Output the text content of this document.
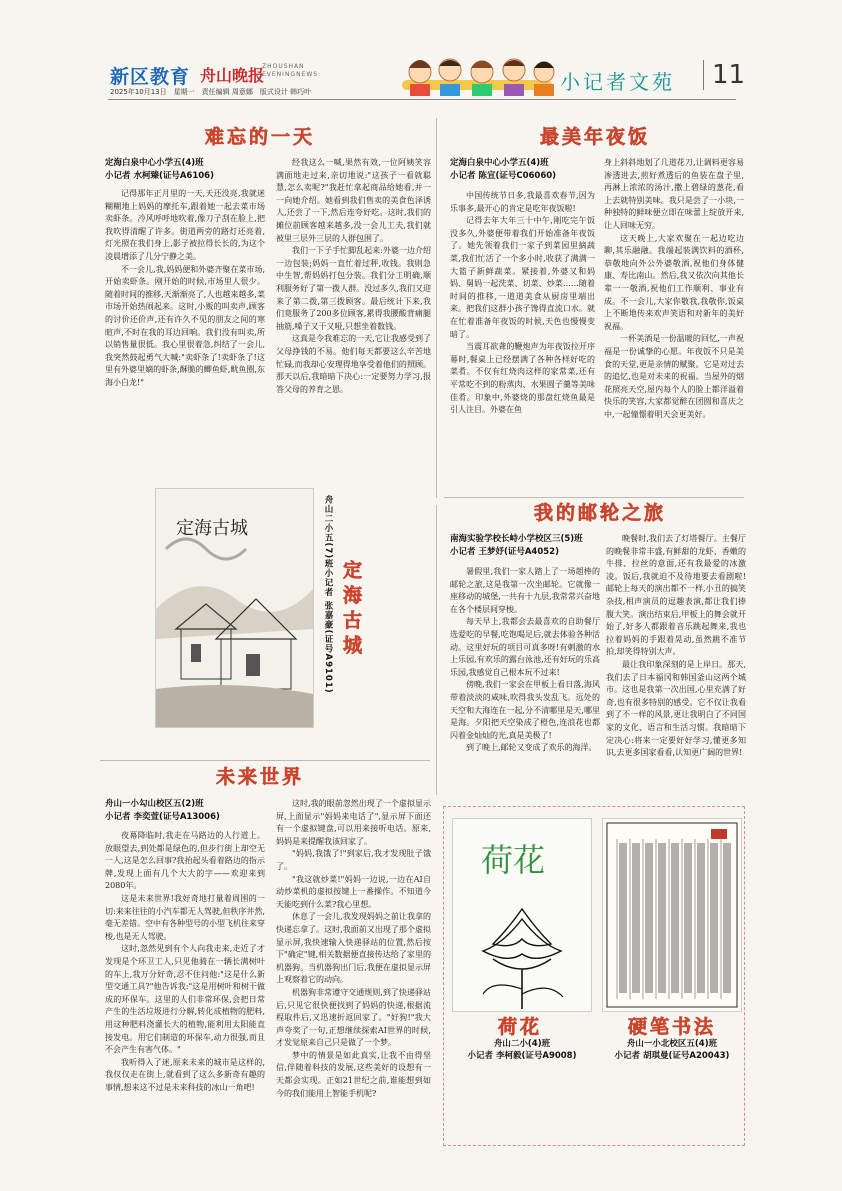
新区教育 舟山晚报
ZHOUSHAN
EVENINGNEWS
2025年10月13日　星期一　责任编辑 周意娜　版式设计 韩巧叶	小记者文苑	11
难忘的一天
定海白泉中心小学五(4)班
小记者 水柯臻(证号A6106)

记得那年正月里的一天,天还没亮,我就迷糊糊地上妈妈的摩托车,跟着她一起去菜市场卖虾条。冷风呼呼地吹着,像刀子刮在脸上,把我吹得清醒了许多。街道两旁的路灯还亮着,灯光照在我们身上,影子被拉得长长的,为这个凌晨增添了几分宁静之美。

不一会儿,我,妈妈便和外婆齐聚在菜市场,开始卖虾条。刚开始的时候,市场里人很少。随着时间的推移,天渐渐亮了,人也越来越多,菜市场开始热闹起来。这时,小贩的叫卖声,顾客的讨价还价声,还有许久不见的朋友之间的寒暄声,不时在我的耳边回响。我们没有叫卖,所以销售量很低。我心里很着急,纠结了一会儿,我突然鼓起勇气大喊:"卖虾条了!卖虾条了!这里有外婆里嫡的虾条,酥脆的鲫鱼虾,鱿鱼圈,东海小白龙!"

经我这么一喊,果然有效,一位阿姨笑容满面地走过来,亲切地说:"这孩子一看就聪慧,怎么卖呢?"我赶忙拿起商品给她看,并一一向她介绍。她看到我们售卖的美食色泽诱人,还尝了一下,然后连夸好吃。这时,我们的摊位前顾客越来越多,没一会儿工夫,我们就被里三层外三层的人群包围了。

我们一下子手忙脚乱起来:外婆一边介绍一边包装;妈妈一直忙着过秤,收钱。我则急中生智,帮妈妈打包分装。我们分工明确,顺利服务好了第一拨人群。没过多久,我们又迎来了第二拨,第三拨顾客。最后统计下来,我们竟服务了200多位顾客,累得我腰酸背痛腿抽筋,嗓子又干又哑,只想坐着数钱。

这真是令我难忘的一天,它让我感受到了父母挣钱的不易。他们每天都要这么辛苦地忙碌,而我却心安理得地享受着他们的照顾。那天以后,我暗暗下决心:一定要努力学习,报答父母的养育之恩。

定海古城	舟山二小五(7)班小记者 张嘉豪(证号A9101) 定海古城
最美年夜饭
定海白泉中心小学五(4)班
小记者 陈宣(证号C06060)

中国传统节日多,我最喜欢春节,因为乐事多,最开心的肯定是吃年夜饭啦!

记得去年大年三十中午,刚吃完午饭没多久,外婆便带着我们开始准备年夜饭了。她先领着我们一家子到菜园里摘蔬菜,我们忙活了一个多小时,收获了满满一大篮子新鲜蔬菜。紧接着,外婆又和妈妈、舅妈一起洗菜、切菜、炒菜……随着时间的推移,一道道美食从厨房里端出来。把我们这群小孩子馋得直流口水。就在忙着准备年夜饭的时候,天色也慢慢变暗了。

当震耳欲聋的鞭炮声为年夜饭拉开序幕时,餐桌上已经摆满了各种各样好吃的菜肴。不仅有红烧肉这样的家常菜,还有平常吃不到的粉蒸肉、水果圆子羹等美味佳肴。印象中,外婆烧的那盘红烧鱼最是引人注目。外婆在鱼

身上斜斜地划了几道花刀,让调料更容易渗透进去,煎好煮透后的鱼装在盘子里,再淋上浓浓的汤汁,撒上碧绿的葱花,看上去就特别美味。我只是尝了一小块,一种独特的鲜味便立即在味蕾上绽放开来,让人回味无穷。

这天晚上,大家欢聚在一起边吃边聊,其乐融融。我端起装满饮料的酒杯,恭敬地向外公外婆敬酒,祝他们身体健康、寿比南山。然后,我又依次向其他长辈一一敬酒,祝他们工作顺利、事业有成。不一会儿,大家你敬我,我敬你,饭桌上不断地传来欢声笑语和对新年的美好祝福。

一杯美酒是一份温暖的回忆,一声祝福是一份诚挚的心愿。年夜饭不只是美食的天堂,更是亲情的赋聚。它是对过去的追忆,也是对未来的祝福。当屋外的烟花照亮天空,屋内每个人的脸上都洋溢着快乐的笑容,大家都觉醉在团圆和喜庆之中,一起憧憬着明天会更美好。

我的邮轮之旅
南海实验学校长峙小学校区三(5)班
小记者 王梦妤(证号A4052)

暑假里,我们一家人踏上了一场超棒的邮轮之旅,这是我第一次坐邮轮。它就像一座移动的城堡,一共有十九层,我常常兴奋地在各个楼层间穿梭。

每天早上,我都会去最喜欢的自助餐厅选爱吃的早餐,吃饱喝足后,就去体验各种活动。这里好玩的项目可真多呀!有刺激的水上乐园,有欢乐的露台泳池,还有好玩的乐高乐园,我感觉自己根本玩不过来!

傍晚,我们一家会在甲板上看日落,海风带着淡淡的咸味,吹得我头发乱飞。远处的天空和大海连在一起,分不清哪里是天,哪里是海。夕阳把天空染成了橙色,连浪花也都闪着金灿灿的光,真是美极了!

到了晚上,邮轮又变成了欢乐的海洋。

晚餐时,我们去了灯塔餐厅。主餐厅的晚餐非常丰盛,有鲜甜的龙虾、香嫩的牛排、拉丝的意面,还有我最爱的冰激凌。饭后,我就迫不及待地要去看剧啦!邮轮上每天的演出都不一样,小丑的搞笑杂技,相声演员的逗趣表演,都让我们捧腹大笑。演出结束后,甲板上的舞会就开始了,好多人都跟着音乐跳起舞来,我也拉着妈妈的手跟着晃动,虽然跳不准节拍,却笑得特别大声。

最让我印象深刻的是上岸日。那天,我们去了日本福冈和韩国釜山这两个城市。这也是我第一次出国,心里充满了好奇,也有很多特别的感受。它不仅让我看到了不一样的风景,更让我明白了不同国家的文化、语言和生活习惯。我暗暗下定决心:将来一定要好好学习,懂更多知识,去更多国家看看,认知更广阔的世界!

未来世界
舟山一小勾山校区五(2)班
小记者 李奕萱(证号A13006)

夜幕降临时,我走在马路边的人行道上。放眼望去,到处都是绿色的,但步行街上却空无一人,这是怎么回事?我抬起头看着路边的指示牌,发现上面有几个大大的字——欢迎来到2080年。

这是未来世界!我好奇地打量着周围的一切:来来往往的小汽车都无人驾驶,但秩序井然,毫无差错。空中有各种型号的小型飞机往来穿梭,也是无人驾驶。

这时,忽然见到有个人向我走来,走近了才发现是个环卫工人,只见他骑在一辆长满树叶的车上,我万分好奇,忍不住问他:"这是什么新型交通工具?"他告诉我:"这是用树叶和树干做成的环保车。这里的人们非常环保,会把日常产生的生活垃圾进行分解,转化成植物的肥料,用这种肥料浇灌长大的植物,能利用太阳能直接发电。用它们制造的环保车,动力很强,而且不会产生有害气体。"

我听得入了迷,原来未来的城市是这样的,我仅仅走在街上,就看到了这么多新奇有趣的事情,想来这不过是未来科技的冰山一角吧!

这时,我的眼前忽然出现了一个虚拟显示屏,上面显示"妈妈来电话了",显示屏下面还有一个虚拟键盘,可以用来接听电话。原来,妈妈是来提醒我该回家了。

"妈妈,我饿了!"到家后,我才发现肚子饿了。

"我这就炒菜!"妈妈一边说,一边在AI自动炒菜机的虚拟按键上一番操作。不知道今天能吃到什么菜?我心里想。

休息了一会儿,我发现妈妈之前让我拿的快递忘拿了。这时,我面前又出现了那个虚拟显示屏,我快速输入快递驿站的位置,然后按下"确定"键,相关数据便直接传达给了家里的机器狗。当机器狗出门后,我便在虚拟显示屏上观察着它的动向。

机器狗非常遵守交通规则,到了快递驿站后,只见它很快便找到了妈妈的快递,根据流程取件后,又迅速折返回家了。"好狗!"我大声夸奖了一句,正想继续探索AI世界的时候,才发觉原来自己只是做了一个梦。

梦中的情景是如此真实,让我不由得坚信,伴随着科技的发展,这些美好的设想有一天都会实现。正如21世纪之前,谁能想到如今的我们能用上智能手机呢?

荷花
荷花
舟山二小(4)班
小记者 李柯毅(证号A9008)
硬笔书法
舟山一小北校区五(4)班
小记者 胡琪曼(证号A20043)
